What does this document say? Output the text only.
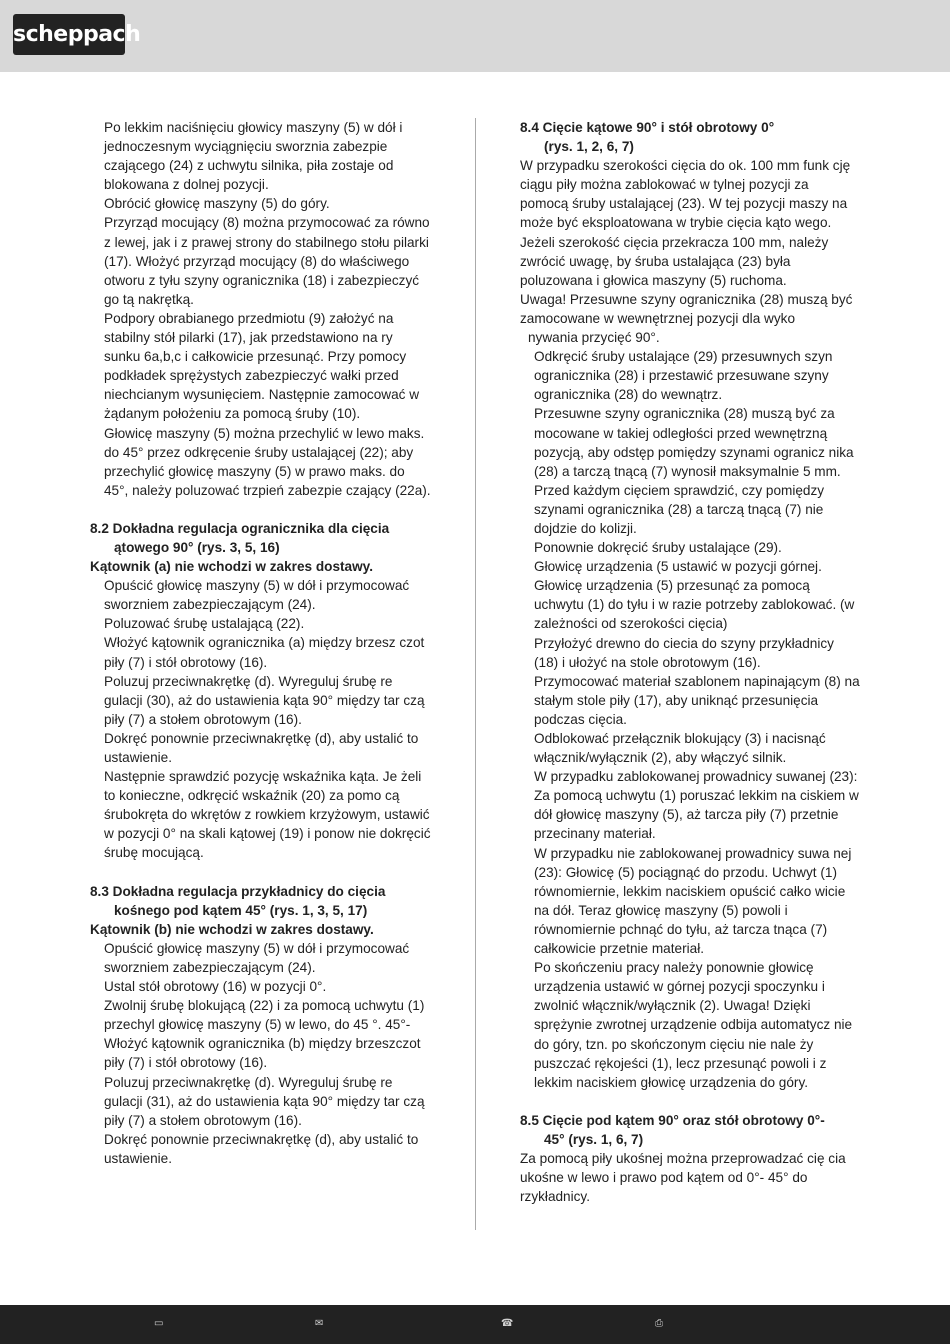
scheppach

Po lekkim naciśnięciu głowicy maszyny (5) w dół i jednoczesnym wyciągnięciu sworznia zabezpie czającego (24) z uchwytu silnika, piła zostaje od blokowana z dolnej pozycji.

Obrócić głowicę maszyny (5) do góry.

Przyrząd mocujący (8) można przymocować za równo z lewej, jak i z prawej strony do stabilnego stołu pilarki (17). Włożyć przyrząd mocujący (8) do właściwego otworu z tyłu szyny ogranicznika (18) i zabezpieczyć go tą nakrętką.

Podpory obrabianego przedmiotu (9) założyć na stabilny stół pilarki (17), jak przedstawiono na ry sunku 6a,b,c i całkowicie przesunąć. Przy pomocy podkładek sprężystych zabezpieczyć wałki przed niechcianym wysunięciem. Następnie zamocować w żądanym położeniu za pomocą śruby (10).

Głowicę maszyny (5) można przechylić w lewo maks. do 45° przez odkręcenie śruby ustalającej (22); aby przechylić głowicę maszyny (5) w prawo maks. do 45°, należy poluzować trzpień zabezpie czający (22a).

8.2 Dokładna regulacja ogranicznika dla cięcia

ątowego 90° (rys. 3, 5, 16)

Kątownik (a) nie wchodzi w zakres dostawy.

Opuścić głowicę maszyny (5) w dół i przymocować sworzniem zabezpieczającym (24).

Poluzować śrubę ustalającą (22).

Włożyć kątownik ogranicznika (a) między brzesz czot piły (7) i stół obrotowy (16).

Poluzuj przeciwnakrętkę (d). Wyreguluj śrubę re gulacji (30), aż do ustawienia kąta 90° między tar czą piły (7) a stołem obrotowym (16).

Dokręć ponownie przeciwnakrętkę (d), aby ustalić to ustawienie.

Następnie sprawdzić pozycję wskaźnika kąta. Je żeli to konieczne, odkręcić wskaźnik (20) za pomo cą śrubokręta do wkrętów z rowkiem krzyżowym, ustawić w pozycji 0° na skali kątowej (19) i ponow nie dokręcić śrubę mocującą.

8.3 Dokładna regulacja przykładnicy do cięcia

kośnego pod kątem 45° (rys. 1, 3, 5, 17)

Kątownik (b) nie wchodzi w zakres dostawy.

Opuścić głowicę maszyny (5) w dół i przymocować sworzniem zabezpieczającym (24).

Ustal stół obrotowy (16) w pozycji 0°.

Zwolnij śrubę blokującą (22) i za pomocą uchwytu (1) przechyl głowicę maszyny (5) w lewo, do 45 °. 45°-Włożyć kątownik ogranicznika (b) między brzeszczot piły (7) i stół obrotowy (16).

Poluzuj przeciwnakrętkę (d). Wyreguluj śrubę re gulacji (31), aż do ustawienia kąta 90° między tar czą piły (7) a stołem obrotowym (16).

Dokręć ponownie przeciwnakrętkę (d), aby ustalić to ustawienie.

8.4 Cięcie kątowe 90° i stół obrotowy 0°

(rys. 1, 2, 6, 7)

W przypadku szerokości cięcia do ok. 100 mm funk cję ciągu piły można zablokować w tylnej pozycji za pomocą śruby ustalającej (23). W tej pozycji maszy na może być eksploatowana w trybie cięcia kąto wego. Jeżeli szerokość cięcia przekracza 100 mm, należy zwrócić uwagę, by śruba ustalająca (23) była poluzowana i głowica maszyny (5) ruchoma.

Uwaga! Przesuwne szyny ogranicznika (28) muszą być zamocowane w wewnętrznej pozycji dla wyko

nywania przycięć 90°.

Odkręcić śruby ustalające (29) przesuwnych szyn ogranicznika (28) i przestawić przesuwane szyny ogranicznika (28) do wewnątrz.

Przesuwne szyny ogranicznika (28) muszą być za mocowane w takiej odległości przed wewnętrzną pozycją, aby odstęp pomiędzy szynami ogranicz nika (28) a tarczą tnącą (7) wynosił maksymalnie 5 mm.

Przed każdym cięciem sprawdzić, czy pomiędzy szynami ogranicznika (28) a tarczą tnącą (7) nie dojdzie do kolizji.

Ponownie dokręcić śruby ustalające (29).

Głowicę urządzenia (5 ustawić w pozycji górnej.

Głowicę urządzenia (5) przesunąć za pomocą uchwytu (1) do tyłu i w razie potrzeby zablokować. (w zależności od szerokości cięcia)

Przyłożyć drewno do ciecia do szyny przykładnicy (18) i ułożyć na stole obrotowym (16).

Przymocować materiał szablonem napinającym (8) na stałym stole piły (17), aby uniknąć przesunięcia podczas cięcia.

Odblokować przełącznik blokujący (3) i nacisnąć włącznik/wyłącznik (2), aby włączyć silnik.

W przypadku zablokowanej prowadnicy suwanej (23): Za pomocą uchwytu (1) poruszać lekkim na ciskiem w dół głowicę maszyny (5), aż tarcza piły (7) przetnie przecinany materiał.

W przypadku nie zablokowanej prowadnicy suwa nej (23): Głowicę (5) pociągnąć do przodu. Uchwyt (1) równomiernie, lekkim naciskiem opuścić całko wicie na dół. Teraz głowicę maszyny (5) powoli i równomiernie pchnąć do tyłu, aż tarcza tnąca (7) całkowicie przetnie materiał.

Po skończeniu pracy należy ponownie głowicę urządzenia ustawić w górnej pozycji spoczynku i zwolnić włącznik/wyłącznik (2). Uwaga! Dzięki sprężynie zwrotnej urządzenie odbija automatycz nie do góry, tzn. po skończonym cięciu nie nale ży puszczać rękojeści (1), lecz przesunąć powoli i z lekkim naciskiem głowicę urządzenia do góry.

8.5 Cięcie pod kątem 90° oraz stół obrotowy 0°-

45° (rys. 1, 6, 7)

Za pomocą piły ukośnej można przeprowadzać cię cia ukośne w lewo i prawo pod kątem od 0°- 45° do rzykładnicy.

▭	✉	☎	⎙
